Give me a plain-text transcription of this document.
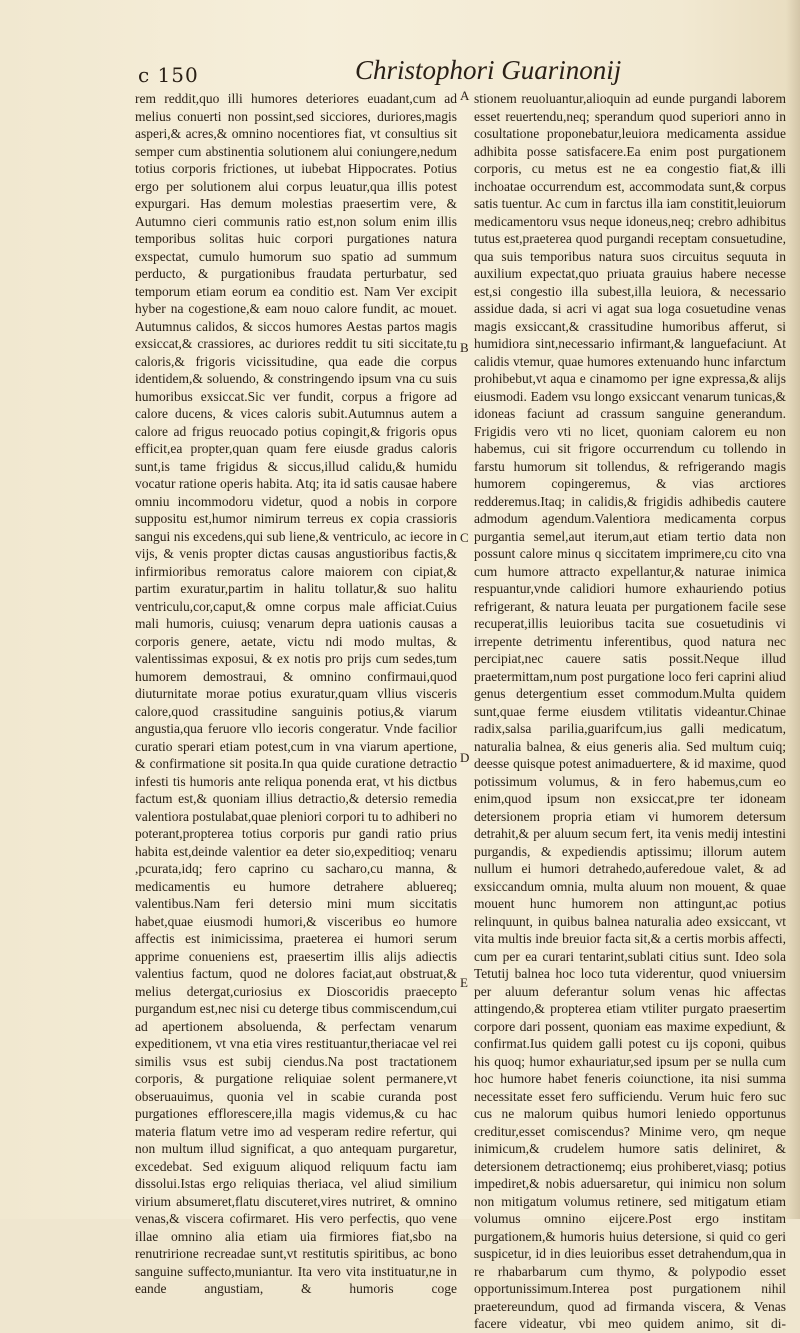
c 150	Christophori Guarinonij

rem reddit,quo illi humores deteriores euadant,cum ad melius conuerti non possint,sed sicciores, duriores,magis asperi,& acres,& omnino nocentiores fiat, vt consultius sit semper cum abstinentia solutionem alui coniungere,nedum totius corporis frictiones, ut iubebat Hippocrates. Potius ergo per solutionem alui corpus leuatur,qua illis potest expurgari. Has demum molestias praesertim vere, & Autumno cieri communis ratio est,non solum enim illis temporibus solitas huic corpori purgationes natura exspectat, cumulo humorum suo spatio ad summum perducto, & purgationibus fraudata perturbatur, sed temporum etiam eorum ea conditio est. Nam Ver excipit hyber na cogestione,& eam nouo calore fundit, ac mouet. Autumnus calidos, & siccos humores Aestas partos magis exsiccat,& crassiores, ac duriores reddit tu siti siccitate,tu caloris,& frigoris vicissitudine, qua eade die corpus identidem,& soluendo, & constringendo ipsum vna cu suis humoribus exsiccat.Sic ver fundit, corpus a frigore ad calore ducens, & vices caloris subit.Autumnus autem a calore ad frigus reuocado potius copingit,& frigoris opus efficit,ea propter,quan quam fere eiusde gradus caloris sunt,is tame frigidus & siccus,illud calidu,& humidu vocatur ratione operis habita. Atq; ita id satis causae habere omniu incommodoru videtur, quod a nobis in corpore suppositu est,humor nimirum terreus ex copia crassioris sangui nis excedens,qui sub liene,& ventriculo, ac iecore in vijs, & venis propter dictas causas angustioribus factis,& infirmioribus remoratus calore maiorem con cipiat,& partim exuratur,partim in halitu tollatur,& suo halitu ventriculu,cor,caput,& omne corpus male afficiat.Cuius mali humoris, cuiusq; venarum depra uationis causas a corporis genere, aetate, victu ndi modo multas, & valentissimas exposui, & ex notis pro prijs cum sedes,tum humorem demostraui, & omnino confirmaui,quod diuturnitate morae potius exuratur,quam vllius visceris calore,quod crassitudine sanguinis potius,& viarum angustia,qua feruore vllo iecoris congeratur. Vnde facilior curatio sperari etiam potest,cum in vna viarum apertione, & confirmatione sit posita.In qua quide curatione detractio infesti tis humoris ante reliqua ponenda erat, vt his dictbus factum est,& quoniam illius detractio,& detersio remedia valentiora postulabat,quae pleniori corpori tu to adhiberi no poterant,propterea totius corporis pur gandi ratio prius habita est,deinde valentior ea deter sio,expeditioq; venaru ,pcurata,idq; fero caprino cu sacharo,cu manna, & medicamentis eu humore detrahere abluereq; valentibus.Nam feri detersio mini mum siccitatis habet,quae eiusmodi humori,& visceribus eo humore affectis est inimicissima, praeterea ei humori serum apprime conueniens est, praesertim illis alijs adiectis valentius factum, quod ne dolores faciat,aut obstruat,& melius detergat,curiosius ex Dioscoridis praecepto purgandum est,nec nisi cu deterge tibus commiscendum,cui ad apertionem absoluenda, & perfectam venarum expeditionem, vt vna etia vires restituantur,theriacae vel rei similis vsus est subij ciendus.Na post tractationem corporis, & purgatione reliquiae solent permanere,vt obseruauimus, quonia vel in scabie curanda post purgationes efflorescere,illa magis videmus,& cu hac materia flatum vetre imo ad vesperam redire refertur, qui non multum illud significat, a quo antequam purgaretur, excedebat. Sed exiguum aliquod reliquum factu iam dissolui.Istas ergo reliquias theriaca, vel aliud similium virium absumeret,flatu discuteret,vires nutriret, & omnino venas,& viscera cofirmaret. His vero perfectis, quo vene illae omnino alia etiam uia firmiores fiat,sbo na renutririone recreadae sunt,vt restitutis spiritibus, ac bono sanguine suffecto,muniantur. Ita vero vita instituatur,ne in eande angustiam, & humoris coge

A
B
C
D
E

stionem reuoluantur,alioquin ad eunde purgandi laborem esset reuertendu,neq; sperandum quod superiori anno in cosultatione proponebatur,leuiora medicamenta assidue adhibita posse satisfacere.Ea enim post purgationem corporis, cu metus est ne ea congestio fiat,& illi inchoatae occurrendum est, accommodata sunt,& corpus satis tuentur. Ac cum in farctus illa iam constitit,leuiorum medicamentoru vsus neque idoneus,neq; crebro adhibitus tutus est,praeterea quod purgandi receptam consuetudine, qua suis temporibus natura suos circuitus sequuta in auxilium expectat,quo priuata grauius habere necesse est,si congestio illa subest,illa leuiora, & necessario assidue dada, si acri vi agat sua loga cosuetudine venas magis exsiccant,& crassitudine humoribus afferut, si humidiora sint,necessario infirmant,& languefaciunt. At calidis vtemur, quae humores extenuando hunc infarctum prohibebut,vt aqua e cinamomo per igne expressa,& alijs eiusmodi. Eadem vsu longo exsiccant venarum tunicas,& idoneas faciunt ad crassum sanguine generandum. Frigidis vero vti no licet, quoniam calorem eu non habemus, cui sit frigore occurrendum cu tollendo in farstu humorum sit tollendus, & refrigerando magis humorem copingeremus, & vias arctiores redderemus.Itaq; in calidis,& frigidis adhibedis cautere admodum agendum.Valentiora medicamenta corpus purgantia semel,aut iterum,aut etiam tertio data non possunt calore minus q siccitatem imprimere,cu cito vna cum humore attracto expellantur,& naturae inimica respuantur,vnde calidiori humore exhauriendo potius refrigerant, & natura leuata per purgationem facile sese recuperat,illis leuioribus tacita sue cosuetudinis vi irrepente detrimentu inferentibus, quod natura nec percipiat,nec cauere satis possit.Neque illud praetermittam,num post purgatione loco feri caprini aliud genus detergentium esset commodum.Multa quidem sunt,quae ferme eiusdem vtilitatis videantur.Chinae radix,salsa parilia,guarifcum,ius galli medicatum, naturalia balnea, & eius generis alia. Sed multum cuiq; deesse quisque potest animaduertere, & id maxime, quod potissimum volumus, & in fero habemus,cum eo enim,quod ipsum non exsiccat,pre ter idoneam detersionem propria etiam vi humorem detersum detrahit,& per aluum secum fert, ita venis medij intestini purgandis, & expediendis aptissimu; illorum autem nullum ei humori detrahedo,auferedoue valet, & ad exsiccandum omnia, multa aluum non mouent, & quae mouent hunc humorem non attingunt,ac potius relinquunt, in quibus balnea naturalia adeo exsiccant, vt vita multis inde breuior facta sit,& a certis morbis affecti, cum per ea curari tentarint,sublati citius sunt. Ideo sola Tetutij balnea hoc loco tuta viderentur, quod vniuersim per aluum deferantur solum venas hic affectas attingendo,& propterea etiam vtiliter purgato praesertim corpore dari possent, quoniam eas maxime expediunt, & confirmat.Ius quidem galli potest cu ijs coponi, quibus his quoq; humor exhauriatur,sed ipsum per se nulla cum hoc humore habet feneris coiunctione, ita nisi summa necessitate esset fero sufficiendu. Verum huic fero suc cus ne malorum quibus humori leniedo opportunus creditur,esset comiscendus? Minime vero, qm neque inimicum,& crudelem humore satis deliniret, & detersionem detractionemq; eius prohiberet,viasq; potius impediret,& nobis aduersaretur, qui inimicu non solum non mitigatum volumus retinere, sed mitigatum etiam volumus omnino eijcere.Post ergo institam purgationem,& humoris huius detersione, si quid co geri suspicetur, id in dies leuioribus esset detrahendum,qua in re rhabarbarum cum thymo, & polypodio esset opportunissimum.Interea post purgationem nihil praetereundum, quod ad firmanda viscera, & Venas facere videatur, vbi meo quidem animo, sit di-
